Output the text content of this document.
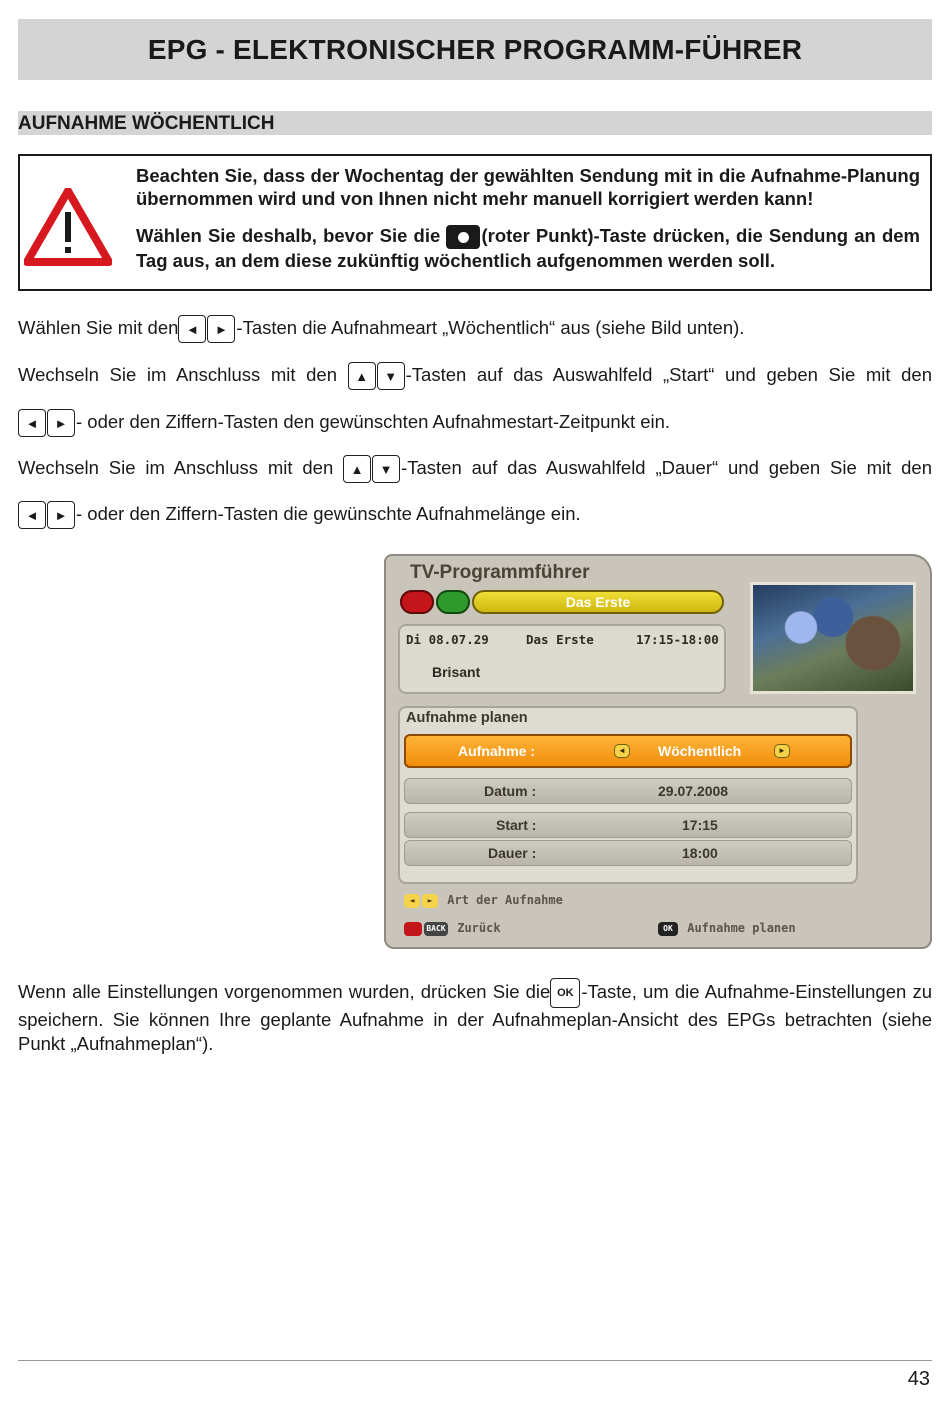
EPG - ELEKTRONISCHER PROGRAMM-FÜHRER
AUFNAHME WÖCHENTLICH

Beachten Sie, dass der Wochentag der gewählten Sendung mit in die Aufnahme-Planung übernommen wird und von Ihnen nicht mehr manuell korrigiert werden kann!

Wählen Sie deshalb, bevor Sie die
(roter Punkt)-Taste drücken, die Sendung an dem Tag aus, an dem diese zukünftig wöchentlich aufgenommen werden soll.

Wählen Sie mit den ◄ ► -Tasten die Aufnahmeart „Wöchentlich“ aus (siehe Bild unten).
Wechseln Sie im Anschluss mit den ▲ ▼ -Tasten auf das Auswahlfeld „Start“ und geben Sie mit den
◄ ► - oder den Ziffern-Tasten den gewünschten Aufnahmestart-Zeitpunkt ein.
Wechseln Sie im Anschluss mit den ▲ ▼ -Tasten auf das Auswahlfeld „Dauer“ und geben Sie mit den
◄ ► - oder den Ziffern-Tasten die gewünschte Aufnahmelänge ein.
TV-Programmführer
Das Erste
Di 08.07.29	Das Erste	17:15-18:00
Brisant
Aufnahme planen
Aufnahme :	◄ Wöchentlich	►
Datum :	29.07.2008
Start :	17:15
Dauer :	18:00
◄ ► Art der Aufnahme
BACK Zurück	OK Aufnahme planen
Wenn alle Einstellungen vorgenommen wurden, drücken Sie die OK -Taste, um die Aufnahme-Einstellungen zu speichern. Sie können Ihre geplante Aufnahme in der Aufnahmeplan-Ansicht des EPGs betrachten (siehe Punkt „Aufnahmeplan“).
43
